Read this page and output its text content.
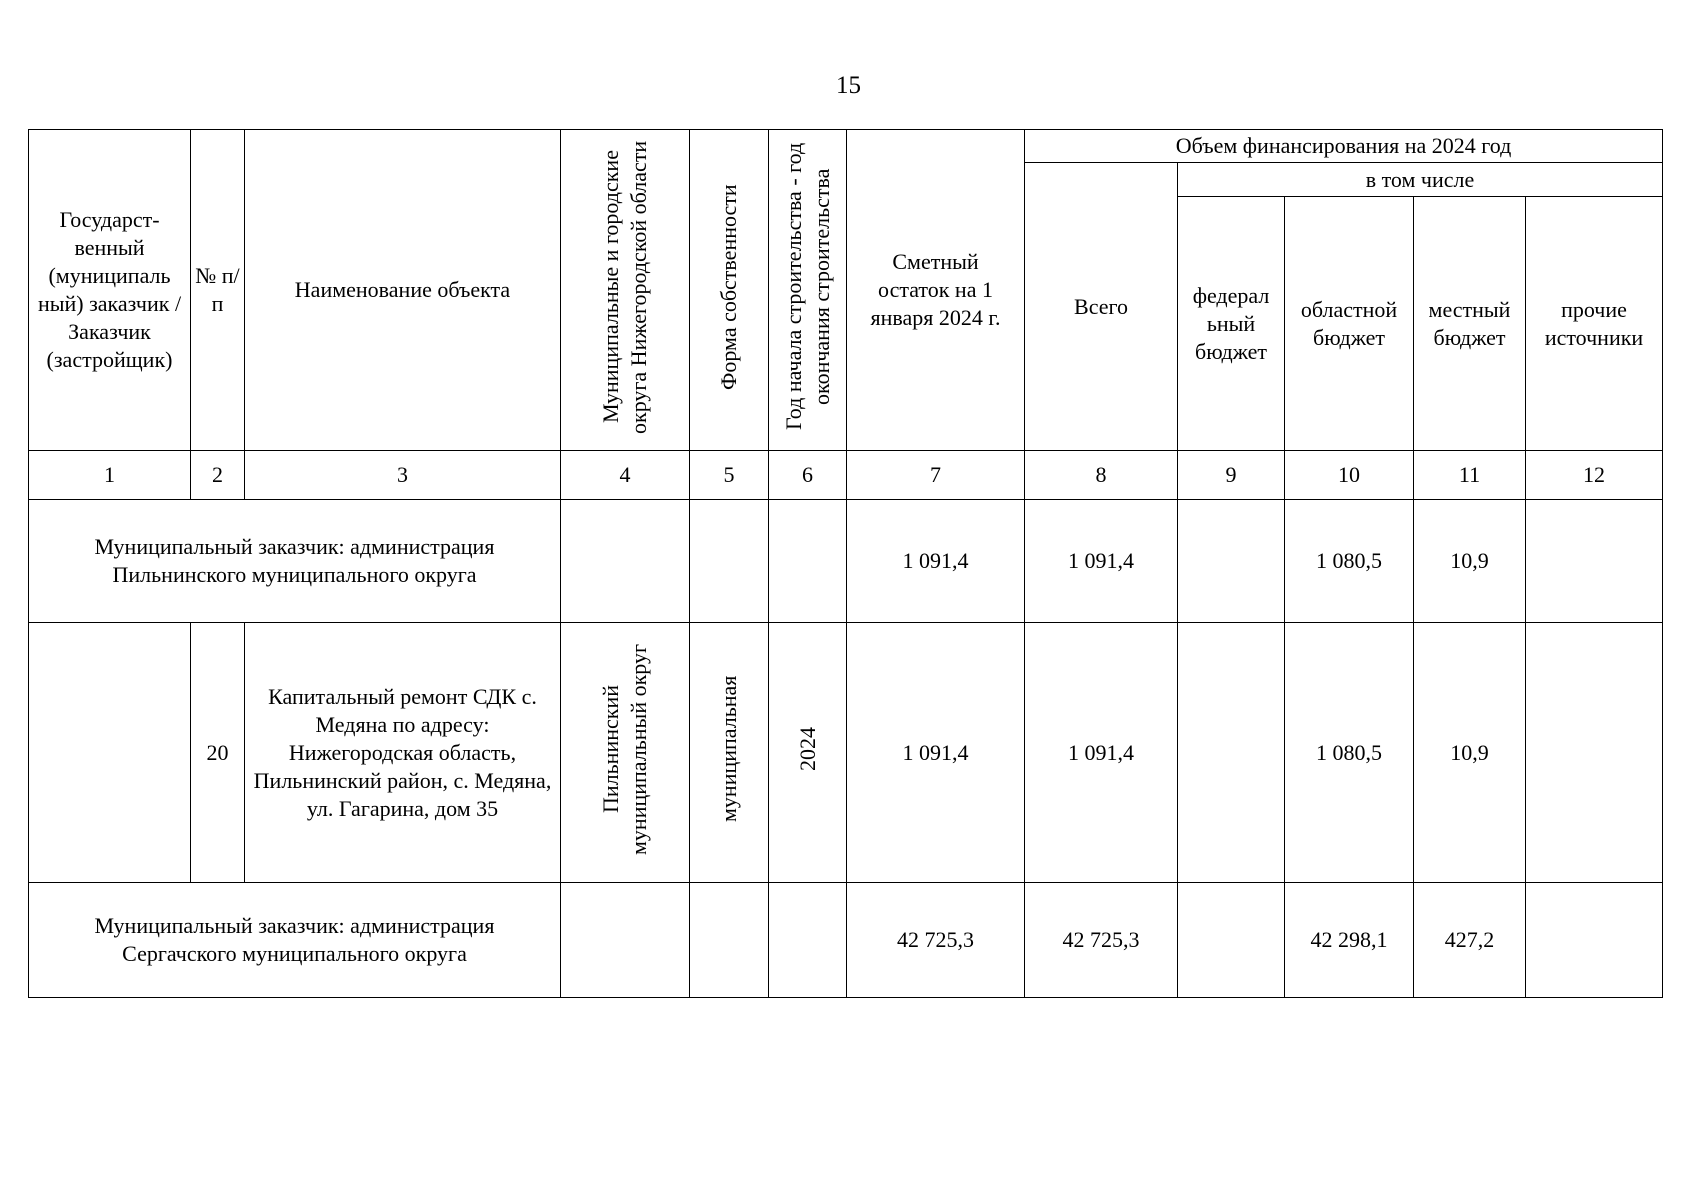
15
Государст-венный (муниципаль ный) заказчик / Заказчик (застройщик)	№ п/п	Наименование объекта	Муниципальные и городские округа Нижегородской области	Форма собственности	Год начала строительства - год окончания строительства	Сметный остаток на 1 января 2024 г.	Объем финансирования на 2024 год				
							Всего	в том числе			
								федерал ьный бюджет	областной бюджет	местный бюджет	прочие источники
1	2	3	4	5	6	7	8	9	10	11	12
Муниципальный заказчик: администрация Пильнинского муниципального округа						1 091,4	1 091,4		1 080,5	10,9	
	20	Капитальный ремонт СДК с. Медяна по адресу: Нижегородская область, Пильнинский район, с. Медяна, ул. Гагарина, дом 35	Пильнинский муниципальный округ	муниципальная	2024	1 091,4	1 091,4		1 080,5	10,9	
Муниципальный заказчик: администрация Сергачского муниципального округа						42 725,3	42 725,3		42 298,1	427,2	
